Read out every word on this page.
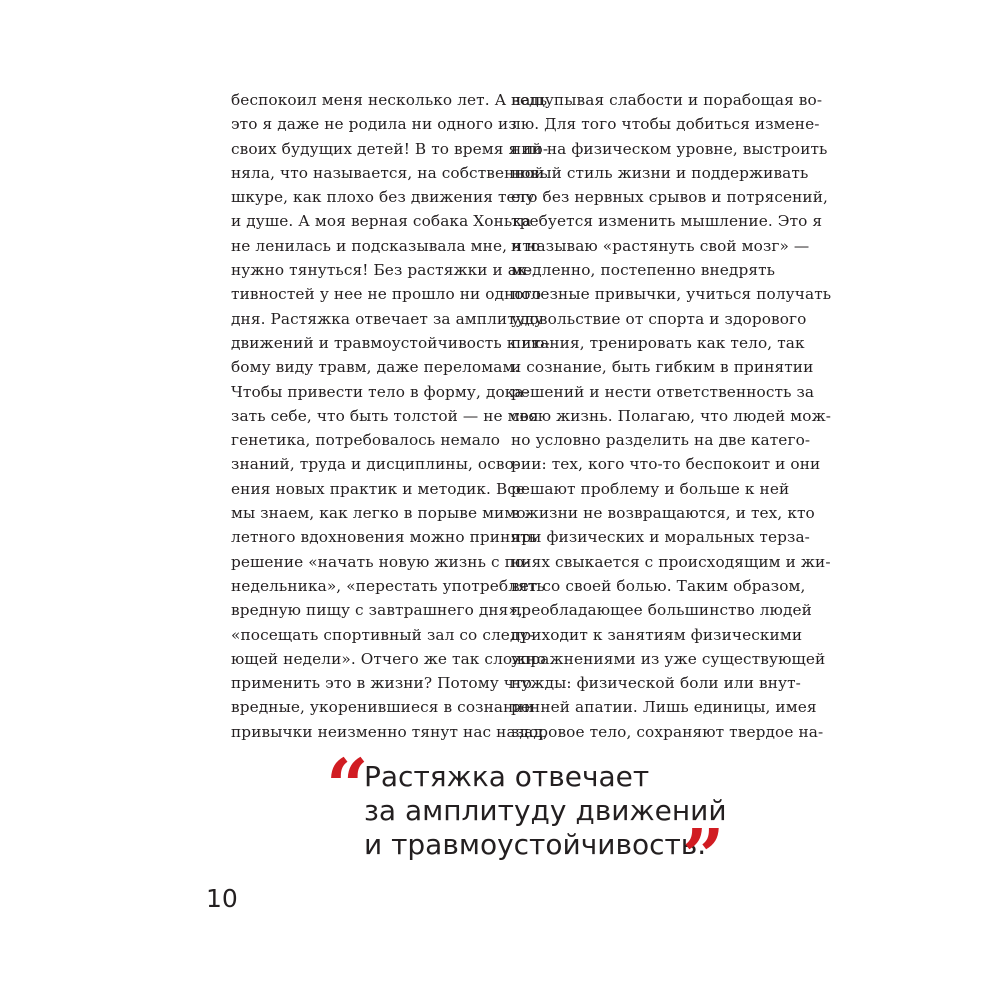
беспокоил меня несколько лет. А ведь
это я даже не родила ни одного из
своих будущих детей! В то время я по-
няла, что называется, на собственной
шкуре, как плохо без движения телу
и душе. А моя верная собака Хонька
не ленилась и подсказывала мне, что
нужно тянуться! Без растяжки и ак-
тивностей у нее не прошло ни одного
дня. Растяжка отвечает за амплитуду
движений и травмоустойчивость к лю-
бому виду травм, даже переломам.
Чтобы привести тело в форму, дока-
зать себе, что быть толстой — не моя
генетика, потребовалось немало
знаний, труда и дисциплины, осво-
ения новых практик и методик. Все
мы знаем, как легко в порыве мимо-
летного вдохновения можно принять
решение «начать новую жизнь с по-
недельника», «перестать употреблять
вредную пищу с завтрашнего дня»,
«посещать спортивный зал со следу-
ющей недели». Отчего же так сложно
применить это в жизни? Потому что
вредные, укоренившиеся в сознании
привычки неизменно тянут нас назад,
нащупывая слабости и порабощая во-
лю. Для того чтобы добиться измене-
ний на физическом уровне, выстроить
новый стиль жизни и поддерживать
его без нервных срывов и потрясений,
требуется изменить мышление. Это я
и называю «растянуть свой мозг» —
медленно, постепенно внедрять
полезные привычки, учиться получать
удовольствие от спорта и здорового
питания, тренировать как тело, так
и сознание, быть гибким в принятии
решений и нести ответственность за
свою жизнь. Полагаю, что людей мож-
но условно разделить на две катего-
рии: тех, кого что-то беспокоит и они
решают проблему и больше к ней
в жизни не возвращаются, и тех, кто
при физических и моральных терза-
ниях свыкается с происходящим и жи-
вет со своей болью. Таким образом,
преобладающее большинство людей
приходит к занятиям физическими
упражнениями из уже существующей
нужды: физической боли или внут-
ренней апатии. Лишь единицы, имея
здоровое тело, сохраняют твердое на-
“
Растяжка отвечает
за амплитуду движений
и травмоустойчивость.
”
10
